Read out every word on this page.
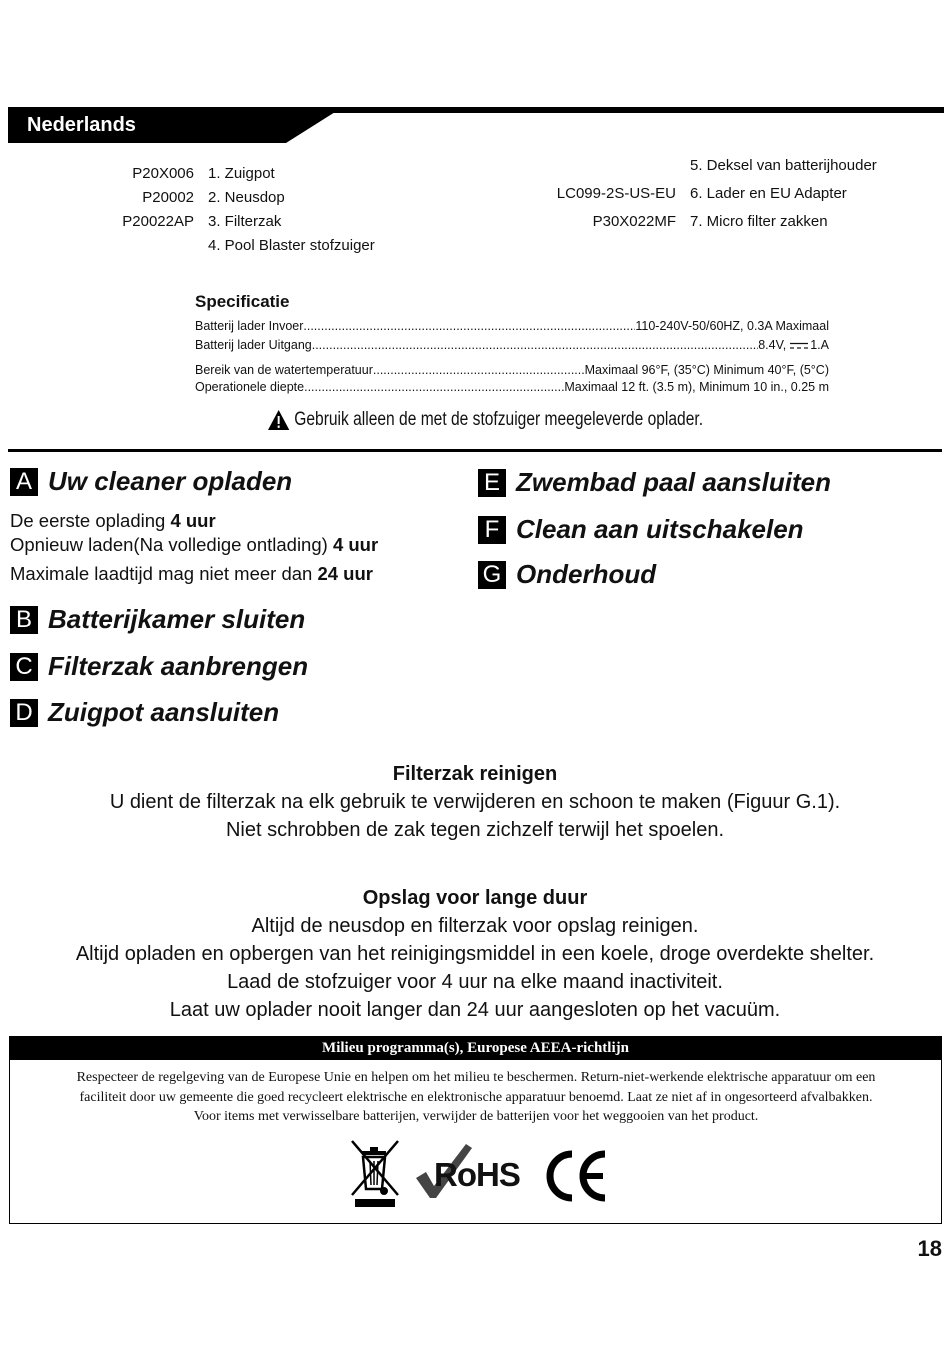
Nederlands
P20X006 1. Zuigpot
P20002 2. Neusdop
P20022AP 3. Filterzak
4. Pool Blaster stofzuiger
5. Deksel van batterijhouder
LC099-2S-US-EU 6. Lader en EU Adapter
P30X022MF 7. Micro filter zakken
Specificatie
Batterij lader Invoer .....	110-240V-50/60HZ, 0.3A Maximaal
Batterij lader Uitgang .....	8.4V, 1.A
Bereik van de watertemperatuur .....	Maximaal 96°F, (35°C) Minimum 40°F, (5°C)
Operationele diepte .....	Maximaal 12 ft. (3.5 m), Minimum 10 in., 0.25 m
Gebruik alleen de met de stofzuiger meegeleverde oplader.
A Uw cleaner opladen
De eerste oplading 4 uur
Opnieuw laden(Na volledige ontlading) 4 uur
Maximale laadtijd mag niet meer dan 24 uur
B Batterijkamer sluiten
C Filterzak aanbrengen
D Zuigpot aansluiten
E Zwembad paal aansluiten
F Clean aan uitschakelen
G Onderhoud
Filterzak reinigen
U dient de filterzak na elk gebruik te verwijderen en schoon te maken (Figuur G.1).
Niet schrobben de zak tegen zichzelf terwijl het spoelen.
Opslag voor lange duur
Altijd de neusdop en filterzak voor opslag reinigen.
Altijd opladen en opbergen van het reinigingsmiddel in een koele, droge overdekte shelter.
Laad de stofzuiger voor 4 uur na elke maand inactiviteit.
Laat uw oplader nooit langer dan 24 uur aangesloten op het vacuüm.
Milieu programma(s), Europese AEEA-richtlijn
Respecteer de regelgeving van de Europese Unie en helpen om het milieu te beschermen. Return-niet-werkende elektrische apparatuur om een
faciliteit door uw gemeente die goed recycleert elektrische en elektronische apparatuur benoemd. Laat ze niet af in ongesorteerd afvalbakken.
Voor items met verwisselbare batterijen, verwijder de batterijen voor het weggooien van het product.
RoHS
18
